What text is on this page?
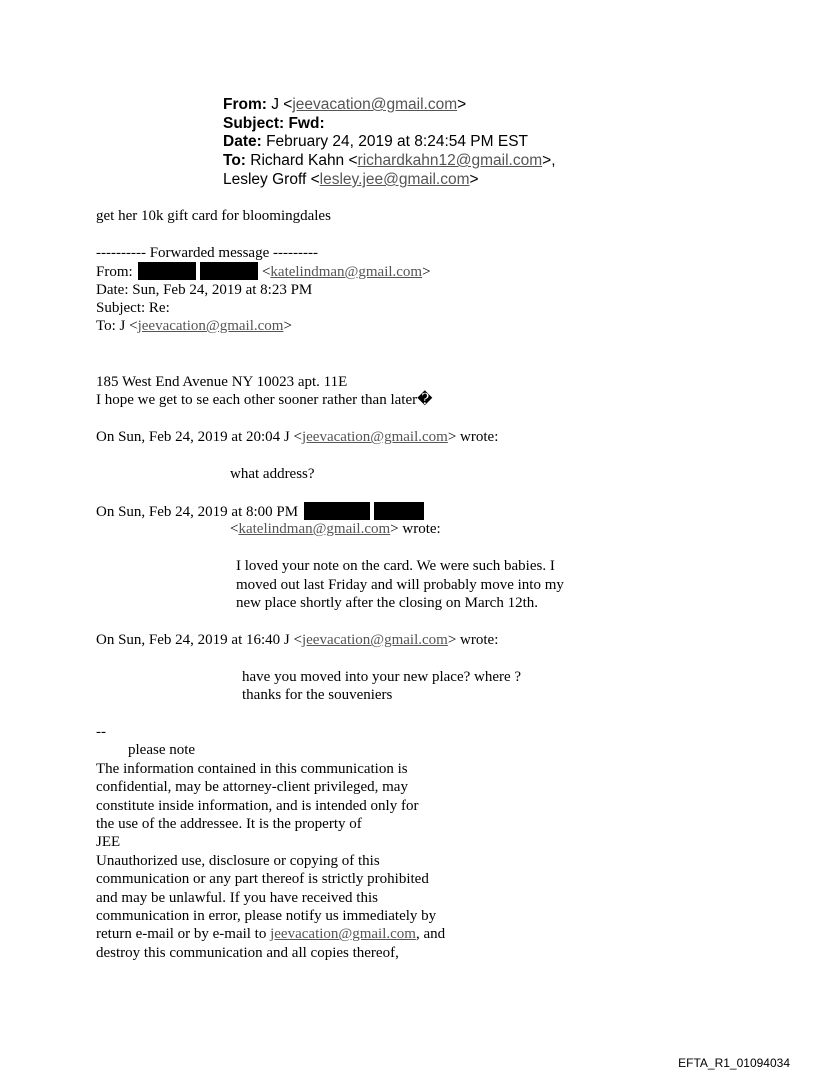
From: J <jeevacation@gmail.com>
Subject: Fwd:
Date: February 24, 2019 at 8:24:54 PM EST
To: Richard Kahn <richardkahn12@gmail.com>,
Lesley Groff <lesley.jee@gmail.com>
get her 10k gift card for bloomingdales
---------- Forwarded message ---------
From:	<katelindman@gmail.com>
Date: Sun, Feb 24, 2019 at 8:23 PM
Subject: Re:
To: J <jeevacation@gmail.com>
185 West End Avenue NY 10023 apt. 11E
I hope we get to se each other sooner rather than later�
On Sun, Feb 24, 2019 at 20:04 J <jeevacation@gmail.com> wrote:
what address?
On Sun, Feb 24, 2019 at 8:00 PM
<katelindman@gmail.com> wrote:
I loved your note on the card. We were such babies. I
moved out last Friday and will probably move into my
new place shortly after the closing on March 12th.
On Sun, Feb 24, 2019 at 16:40 J <jeevacation@gmail.com> wrote:
have you moved into your new place? where ?
thanks for the souveniers
--
please note
The information contained in this communication is
confidential, may be attorney-client privileged, may
constitute inside information, and is intended only for
the use of the addressee. It is the property of
JEE
Unauthorized use, disclosure or copying of this
communication or any part thereof is strictly prohibited
and may be unlawful. If you have received this
communication in error, please notify us immediately by
return e-mail or by e-mail to jeevacation@gmail.com, and
destroy this communication and all copies thereof,
EFTA_R1_01094034
